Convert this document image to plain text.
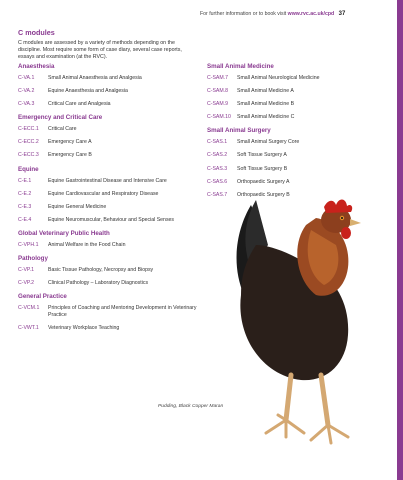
For further information or to book visit www.rvc.ac.uk/cpd 37
C modules

C modules are assessed by a variety of methods depending on the discipline. Most require some form of case diary, several case reports, essays and examination (at the RVC).

Anaesthesia
C-VA.1	Small Animal Anaesthesia and Analgesia
C-VA.2	Equine Anaesthesia and Analgesia
C-VA.3	Critical Care and Analgesia
Emergency and Critical Care
C-ECC.1	Critical Care
C-ECC.2	Emergency Care A
C-ECC.3	Emergency Care B
Equine
C-E.1	Equine Gastrointestinal Disease and Intensive Care
C-E.2	Equine Cardiovascular and Respiratory Disease
C-E.3	Equine General Medicine
C-E.4	Equine Neuromuscular, Behaviour and Special Senses
Global Veterinary Public Health
C-VPH.1	Animal Welfare in the Food Chain
Pathology
C-VP.1	Basic Tissue Pathology, Necropsy and Biopsy
C-VP.2	Clinical Pathology – Laboratory Diagnostics
General Practice
C-VCM.1	Principles of Coaching and Mentoring Development in Veterinary Practice
C-VWT.1	Veterinary Workplace Teaching
Small Animal Medicine
C-SAM.7	Small Animal Neurological Medicine
C-SAM.8	Small Animal Medicine A
C-SAM.9	Small Animal Medicine B
C-SAM.10	Small Animal Medicine C
Small Animal Surgery
C-SAS.1	Small Animal Surgery Core
C-SAS.2	Soft Tissue Surgery A
C-SAS.3	Soft Tissue Surgery B
C-SAS.6	Orthopaedic Surgery A
C-SAS.7	Orthopaedic Surgery B
Pudding, Black Copper Maran
